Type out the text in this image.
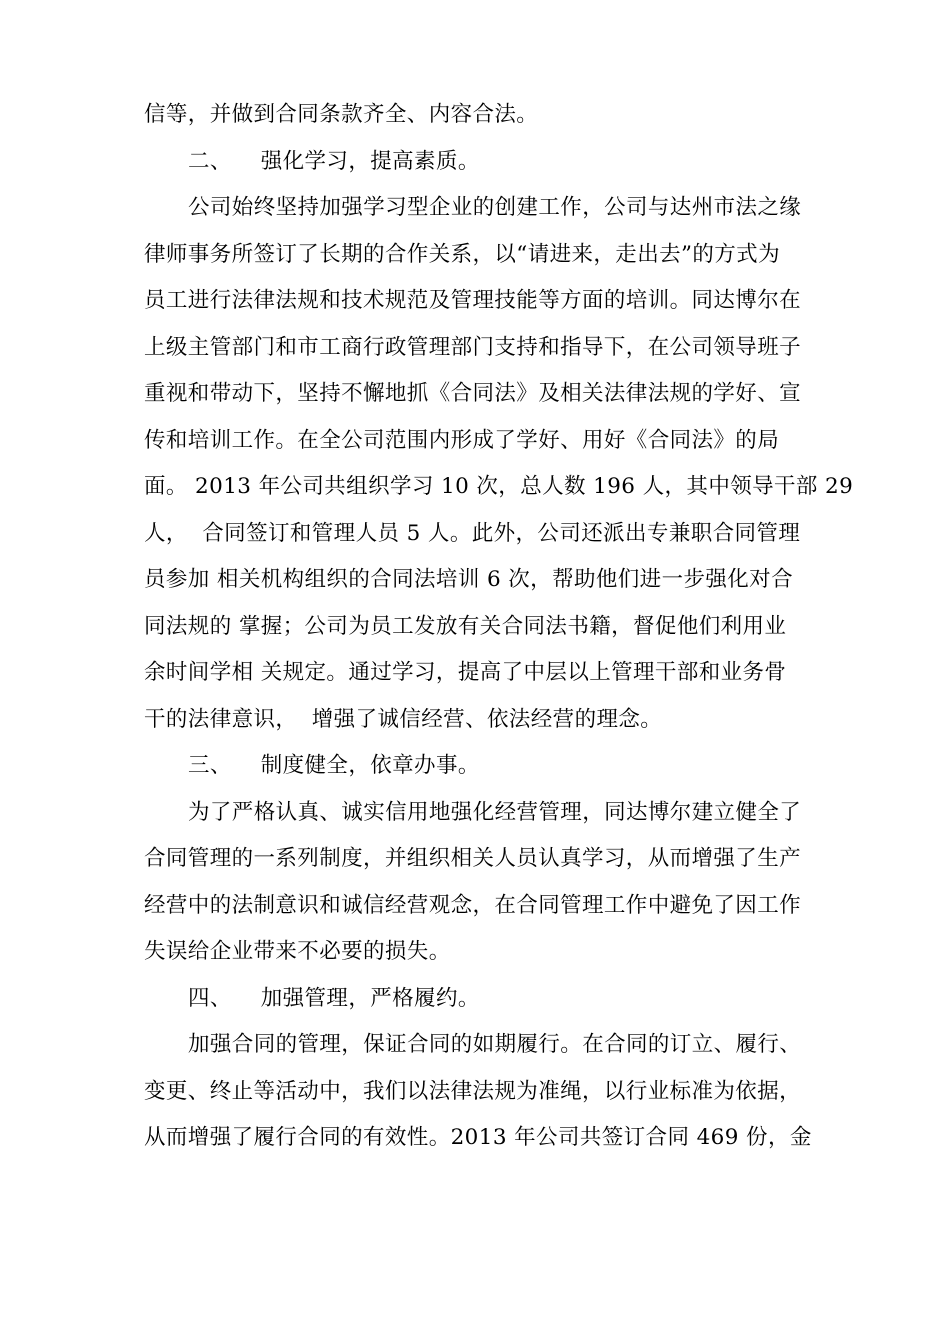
信等，并做到合同条款齐全、内容合法。
二、    强化学习，提高素质。
公司始终坚持加强学习型企业的创建工作，公司与达州市法之缘
律师事务所签订了长期的合作关系，以“请进来，走出去”的方式为
员工进行法律法规和技术规范及管理技能等方面的培训。同达博尔在
上级主管部门和市工商行政管理部门支持和指导下，在公司领导班子
重视和带动下，坚持不懈地抓《合同法》及相关法律法规的学好、宣
传和培训工作。在全公司范围内形成了学好、用好《合同法》的局
面。 2013 年公司共组织学习 10 次，总人数 196 人，其中领导干部 29
人，  合同签订和管理人员 5 人。此外，公司还派出专兼职合同管理
员参加 相关机构组织的合同法培训 6 次，帮助他们进一步强化对合
同法规的 掌握；公司为员工发放有关合同法书籍，督促他们利用业
余时间学相 关规定。通过学习，提高了中层以上管理干部和业务骨
干的法律意识，  增强了诚信经营、依法经营的理念。
三、    制度健全，依章办事。
为了严格认真、诚实信用地强化经营管理，同达博尔建立健全了
合同管理的一系列制度，并组织相关人员认真学习，从而增强了生产
经营中的法制意识和诚信经营观念，在合同管理工作中避免了因工作
失误给企业带来不必要的损失。
四、    加强管理，严格履约。
加强合同的管理，保证合同的如期履行。在合同的订立、履行、
变更、终止等活动中，我们以法律法规为准绳，以行业标准为依据，
从而增强了履行合同的有效性。2013 年公司共签订合同 469 份，金
